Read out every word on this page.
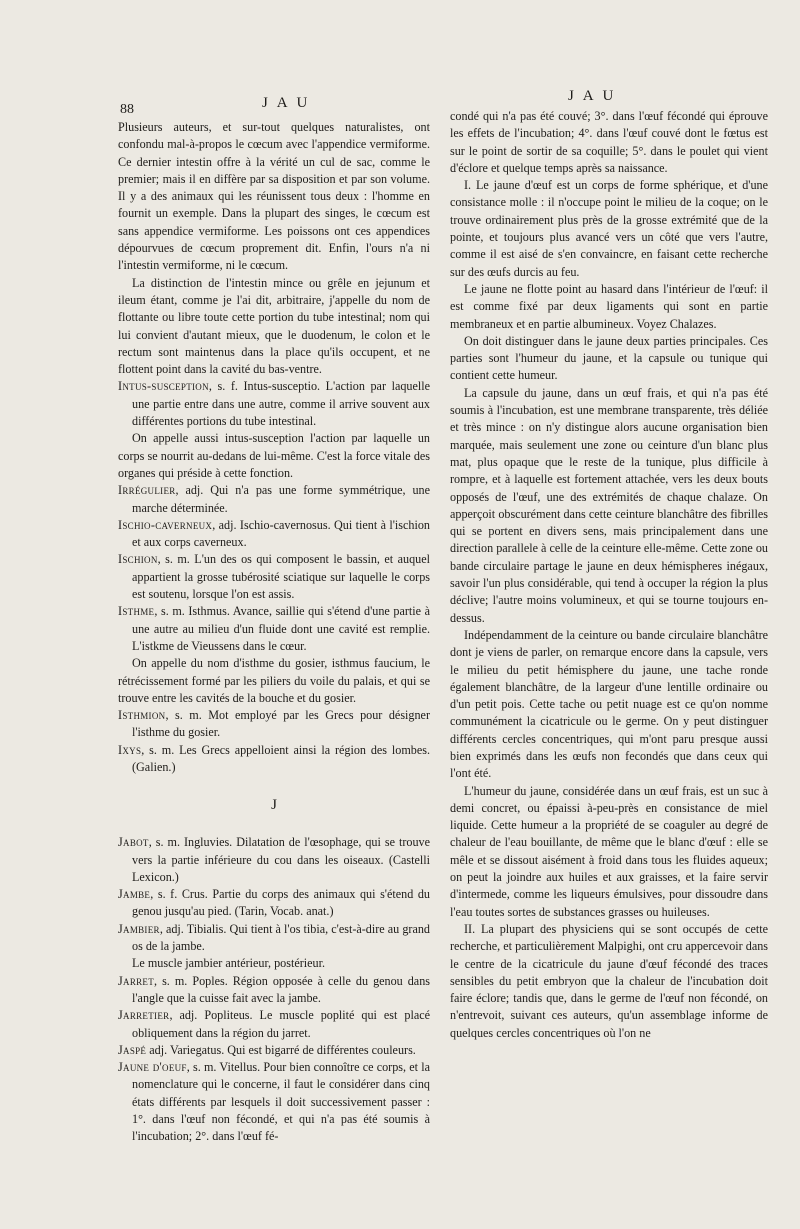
88	J A U	J A U

Plusieurs auteurs, et sur-tout quelques naturalistes, ont confondu mal-à-propos le cœcum avec l'appendice vermiforme. Ce dernier intestin offre à la vérité un cul de sac, comme le premier; mais il en diffère par sa disposition et par son volume. Il y a des animaux qui les réunissent tous deux : l'homme en fournit un exemple. Dans la plupart des singes, le cœcum est sans appendice vermiforme. Les poissons ont ces appendices dépourvues de cœcum proprement dit. Enfin, l'ours n'a ni l'intestin vermiforme, ni le cœcum.

La distinction de l'intestin mince ou grêle en jejunum et ileum étant, comme je l'ai dit, arbitraire, j'appelle du nom de flottante ou libre toute cette portion du tube intestinal; nom qui lui convient d'autant mieux, que le duodenum, le colon et le rectum sont maintenus dans la place qu'ils occupent, et ne flottent point dans la cavité du bas-ventre.

Intus-susception, s. f. Intus-susceptio. L'action par laquelle une partie entre dans une autre, comme il arrive souvent aux différentes portions du tube intestinal.

On appelle aussi intus-susception l'action par laquelle un corps se nourrit au-dedans de lui-même. C'est la force vitale des organes qui préside à cette fonction.

Irrégulier, adj. Qui n'a pas une forme symmétrique, une marche déterminée.

Ischio-caverneux, adj. Ischio-cavernosus. Qui tient à l'ischion et aux corps caverneux.

Ischion, s. m. L'un des os qui composent le bassin, et auquel appartient la grosse tubérosité sciatique sur laquelle le corps est soutenu, lorsque l'on est assis.

Isthme, s. m. Isthmus. Avance, saillie qui s'étend d'une partie à une autre au milieu d'un fluide dont une cavité est remplie. L'istkme de Vieussens dans le cœur.

On appelle du nom d'isthme du gosier, isthmus faucium, le rétrécissement formé par les piliers du voile du palais, et qui se trouve entre les cavités de la bouche et du gosier.

Isthmion, s. m. Mot employé par les Grecs pour désigner l'isthme du gosier.

Ixys, s. m. Les Grecs appelloient ainsi la région des lombes. (Galien.)

J

Jabot, s. m. Ingluvies. Dilatation de l'œsophage, qui se trouve vers la partie inférieure du cou dans les oiseaux. (Castelli Lexicon.)

Jambe, s. f. Crus. Partie du corps des animaux qui s'étend du genou jusqu'au pied. (Tarin, Vocab. anat.)

Jambier, adj. Tibialis. Qui tient à l'os tibia, c'est-à-dire au grand os de la jambe.

Le muscle jambier antérieur, postérieur.

Jarret, s. m. Poples. Région opposée à celle du genou dans l'angle que la cuisse fait avec la jambe.

Jarretier, adj. Popliteus. Le muscle poplité qui est placé obliquement dans la région du jarret.

Jaspé adj. Variegatus. Qui est bigarré de différentes couleurs.

Jaune d'oeuf, s. m. Vitellus. Pour bien connoître ce corps, et la nomenclature qui le concerne, il faut le considérer dans cinq états différents par lesquels il doit successivement passer : 1°. dans l'œuf non fécondé, et qui n'a pas été soumis à l'incubation; 2°. dans l'œuf fé-

condé qui n'a pas été couvé; 3°. dans l'œuf fécondé qui éprouve les effets de l'incubation; 4°. dans l'œuf couvé dont le fœtus est sur le point de sortir de sa coquille; 5°. dans le poulet qui vient d'éclore et quelque temps après sa naissance.

I. Le jaune d'œuf est un corps de forme sphérique, et d'une consistance molle : il n'occupe point le milieu de la coque; on le trouve ordinairement plus près de la grosse extrémité que de la pointe, et toujours plus avancé vers un côté que vers l'autre, comme il est aisé de s'en convaincre, en faisant cette recherche sur des œufs durcis au feu.

Le jaune ne flotte point au hasard dans l'intérieur de l'œuf: il est comme fixé par deux ligaments qui sont en partie membraneux et en partie albumineux. Voyez Chalazes.

On doit distinguer dans le jaune deux parties principales. Ces parties sont l'humeur du jaune, et la capsule ou tunique qui contient cette humeur.

La capsule du jaune, dans un œuf frais, et qui n'a pas été soumis à l'incubation, est une membrane transparente, très déliée et très mince : on n'y distingue alors aucune organisation bien marquée, mais seulement une zone ou ceinture d'un blanc plus mat, plus opaque que le reste de la tunique, plus difficile à rompre, et à laquelle est fortement attachée, vers les deux bouts opposés de l'œuf, une des extrémités de chaque chalaze. On apperçoit obscurément dans cette ceinture blanchâtre des fibrilles qui se portent en divers sens, mais principalement dans une direction parallele à celle de la ceinture elle-même. Cette zone ou bande circulaire partage le jaune en deux hémispheres inégaux, savoir l'un plus considérable, qui tend à occuper la région la plus déclive; l'autre moins volumineux, et qui se tourne toujours en-dessus.

Indépendamment de la ceinture ou bande circulaire blanchâtre dont je viens de parler, on remarque encore dans la capsule, vers le milieu du petit hémisphere du jaune, une tache ronde également blanchâtre, de la largeur d'une lentille ordinaire ou d'un petit pois. Cette tache ou petit nuage est ce qu'on nomme communément la cicatricule ou le germe. On y peut distinguer différents cercles concentriques, qui m'ont paru presque aussi bien exprimés dans les œufs non fecondés que dans ceux qui l'ont été.

L'humeur du jaune, considérée dans un œuf frais, est un suc à demi concret, ou épaissi à-peu-près en consistance de miel liquide. Cette humeur a la propriété de se coaguler au degré de chaleur de l'eau bouillante, de même que le blanc d'œuf : elle se mêle et se dissout aisément à froid dans tous les fluides aqueux; on peut la joindre aux huiles et aux graisses, et la faire servir d'intermede, comme les liqueurs émulsives, pour dissoudre dans l'eau toutes sortes de substances grasses ou huileuses.

II. La plupart des physiciens qui se sont occupés de cette recherche, et particulièrement Malpighi, ont cru appercevoir dans le centre de la cicatricule du jaune d'œuf fécondé des traces sensibles du petit embryon que la chaleur de l'incubation doit faire éclore; tandis que, dans le germe de l'œuf non fécondé, on n'entrevoit, suivant ces auteurs, qu'un assemblage informe de quelques cercles concentriques où l'on ne
